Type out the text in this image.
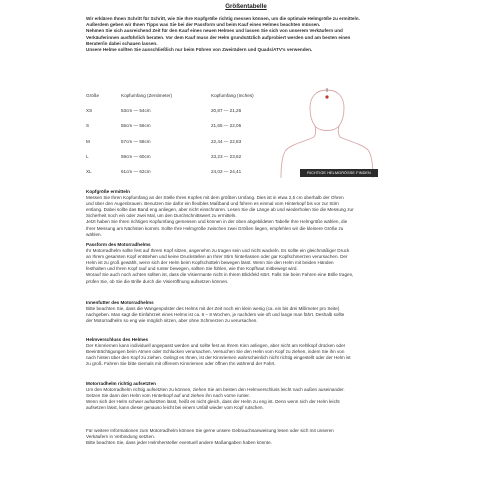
Größentabelle
Wir erklären Ihnen Schritt für Schritt, wie Sie Ihre Kopfgröße richtig messen können, um die optimale Helmgröße zu ermitteln.
Außerdem geben wir Ihnen Tipps was Sie bei der Passform und beim Kauf eines Helmes beachten müssen.
Nehmen Sie sich ausreichend Zeit für den Kauf eines neuen Helmes und lassen Sie sich von unserem Verkäufern und
Verkäuferinnen ausführlich beraten. Vor dem Kauf muss der Helm grundsätzlich aufprobiert werden und am besten einen
Berater/in dabei schauen lassen.
Unsere Helme sollten Sie ausschließlich nur beim Führen von Zweirädern und Quads/ATV's verwenden.
Größe	Kopfumfang (Zentimeter)	Kopfumfang (Inches)
XS	53cm — 54cm	20,87 — 21,26
S	55cm — 56cm	21,65 — 22,05
M	57cm — 58cm	22,44 — 22,83
L	59cm — 60cm	23,23 — 23,62
XL	61cm — 62cm	24,02 — 24,41	RICHTIGE HELMGRÖSSE FINDEN
Kopfgröße ermitteln
Messen Sie Ihren Kopfumfang an der Stelle Ihres Kopfes mit dem größten Umfang. Dies ist in etwa 2,5 cm oberhalb der Ohren
und über den Augenbrauen. Benutzen Sie dafür ein flexibles Maßband und führen es einmal vom Hinterkopf bis vor zur Stirn
entlang. Dabei sollte das Band eng anliegen, aber nicht einschnüren. Lesen Sie die Länge ab und wiederholen Sie die Messung zur
Sicherheit noch ein oder zwei Mal, um den Durchschnittswert zu ermitteln.
Jetzt haben Sie Ihren richtigen Kopfumfang gemessen und können in der oben abgebildeten Tabelle Ihre Helmgröße wählen, die
Ihrer Messung am Nächsten kommt. Sollte Ihre Helmgröße zwischen zwei Größen liegen, empfehlen wir die kleinere Größe zu
wählen.
Passform des Motorradhelms
Ihr Motorradhelm sollte fest auf Ihrem Kopf sitzen, angenehm zu tragen sein und nicht wackeln. Es sollte ein gleichmäßiger Druck
an Ihrem gesamten Kopf entstehen und keine Druckstellen an Ihrer Stirn hinterlassen oder gar Kopfschmerzen verursachen. Der
Helm ist zu groß gewählt, wenn sich der Helm beim Kopfschütteln bewegen lässt. Wenn Sie den Helm mit beiden Händen
festhalten und Ihren Kopf rauf und runter bewegen, sollten Sie fühlen, wie Ihre Kopfhaut mitbewegt wird.
Worauf Sie auch noch achten sollten ist, dass die Visiermante nicht in Ihrem Blickfeld stört. Falls Sie beim Fahren eine Brille tragen,
prüfen Sie, ob Sie die Brille durch die Visieröffnung aufsetzen können.
Innenfutter des Motorradhelms
Bitte beachten Sie, dass die Wangenpolster des Helms mit der Zeit noch ein klein wenig (ca. ein bis drei Millimeter pro Seite)
nachgeben. Man sagt die Einfahrzeit eines Helms ist ca. 6 – 8 Wochen, je nachdem wie oft und lange man fährt. Deshalb sollte
der Motorradhelm so eng wie möglich sitzen, aber ohne Schmerzen zu verursachen.
Helmverschluss des Helmes
Der Kinnriemen kann individuell angepasst werden und sollte fest an Ihrem Kinn anliegen, aber nicht am Kehlkopf drücken oder
Beeinträchtigungen beim Atmen oder Schlucken verursachen. Versuchen Sie den Helm vom Kopf zu ziehen, indem Sie ihn von
nach hinten über den Kopf zu ziehen. Gelingt es Ihnen, ist der Kinnriemen wahrscheinlich nicht richtig eingestellt oder der Helm ist
zu groß. Fahren Sie bitte niemals mit offenem Kinnriemen oder öffnen Ihn während der Fahrt.
Motorradhelm richtig aufsetzten
Um den Motorradhelm richtig aufsetzten zu können, ziehen Sie am besten den Helmverschluss leicht nach außen auseinander.
Setzen Sie dann den Helm vom Hinterkopf auf und ziehen ihn nach vorne runter.
Wenn sich der Helm schwer aufsetzten lässt, heißt es nicht gleich, dass der Helm zu eng ist. Denn wenn sich der Helm leicht
aufsetzen lässt, kann dieser genauso leicht bei einem Unfall wieder vom Kopf rutschen.
Für weitere Informationen zum Motorradhelm können Sie gerne unsere Gebrauchsanweisung lesen oder sich mit unseren
Verkäufern in Verbindung setzten.
Bitte beachten Sie, dass jeder Helmhersteller eventuell andere Maßangaben haben könnte.
